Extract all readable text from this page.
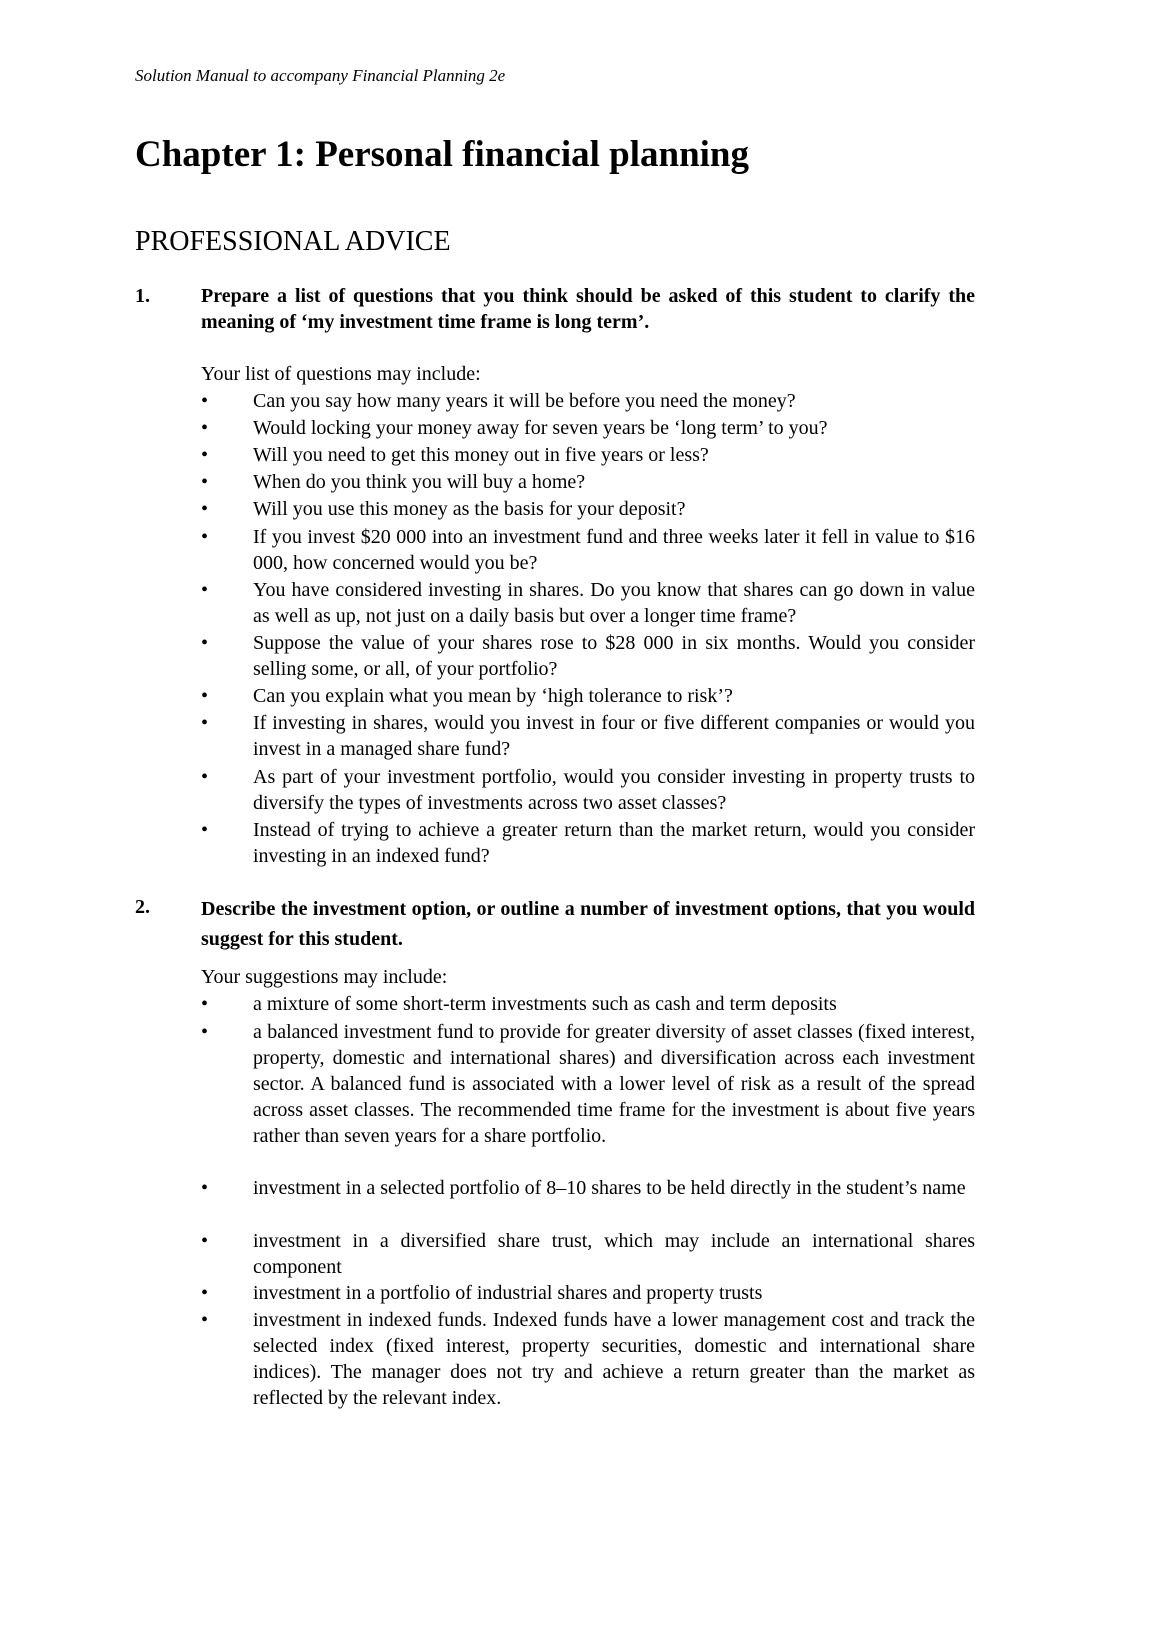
Solution Manual to accompany Financial Planning 2e
Chapter 1: Personal financial planning
PROFESSIONAL ADVICE
1.	Prepare a list of questions that you think should be asked of this student to clarify the meaning of ‘my investment time frame is long term’.
Your list of questions may include:
• Can you say how many years it will be before you need the money?
• Would locking your money away for seven years be ‘long term’ to you?
• Will you need to get this money out in five years or less?
• When do you think you will buy a home?
• Will you use this money as the basis for your deposit?
• If you invest $20 000 into an investment fund and three weeks later it fell in value to $16 000, how concerned would you be?
• You have considered investing in shares. Do you know that shares can go down in value as well as up, not just on a daily basis but over a longer time frame?
• Suppose the value of your shares rose to $28 000 in six months. Would you consider selling some, or all, of your portfolio?
• Can you explain what you mean by ‘high tolerance to risk’?
• If investing in shares, would you invest in four or five different companies or would you invest in a managed share fund?
• As part of your investment portfolio, would you consider investing in property trusts to diversify the types of investments across two asset classes?
• Instead of trying to achieve a greater return than the market return, would you consider investing in an indexed fund?
2.	Describe the investment option, or outline a number of investment options, that you would suggest for this student.
Your suggestions may include:
• a mixture of some short-term investments such as cash and term deposits
• a balanced investment fund to provide for greater diversity of asset classes (fixed interest, property, domestic and international shares) and diversification across each investment sector. A balanced fund is associated with a lower level of risk as a result of the spread across asset classes. The recommended time frame for the investment is about five years rather than seven years for a share portfolio.
• investment in a selected portfolio of 8–10 shares to be held directly in the student’s name
• investment in a diversified share trust, which may include an international shares component
• investment in a portfolio of industrial shares and property trusts
• investment in indexed funds. Indexed funds have a lower management cost and track the selected index (fixed interest, property securities, domestic and international share indices). The manager does not try and achieve a return greater than the market as reflected by the relevant index.
